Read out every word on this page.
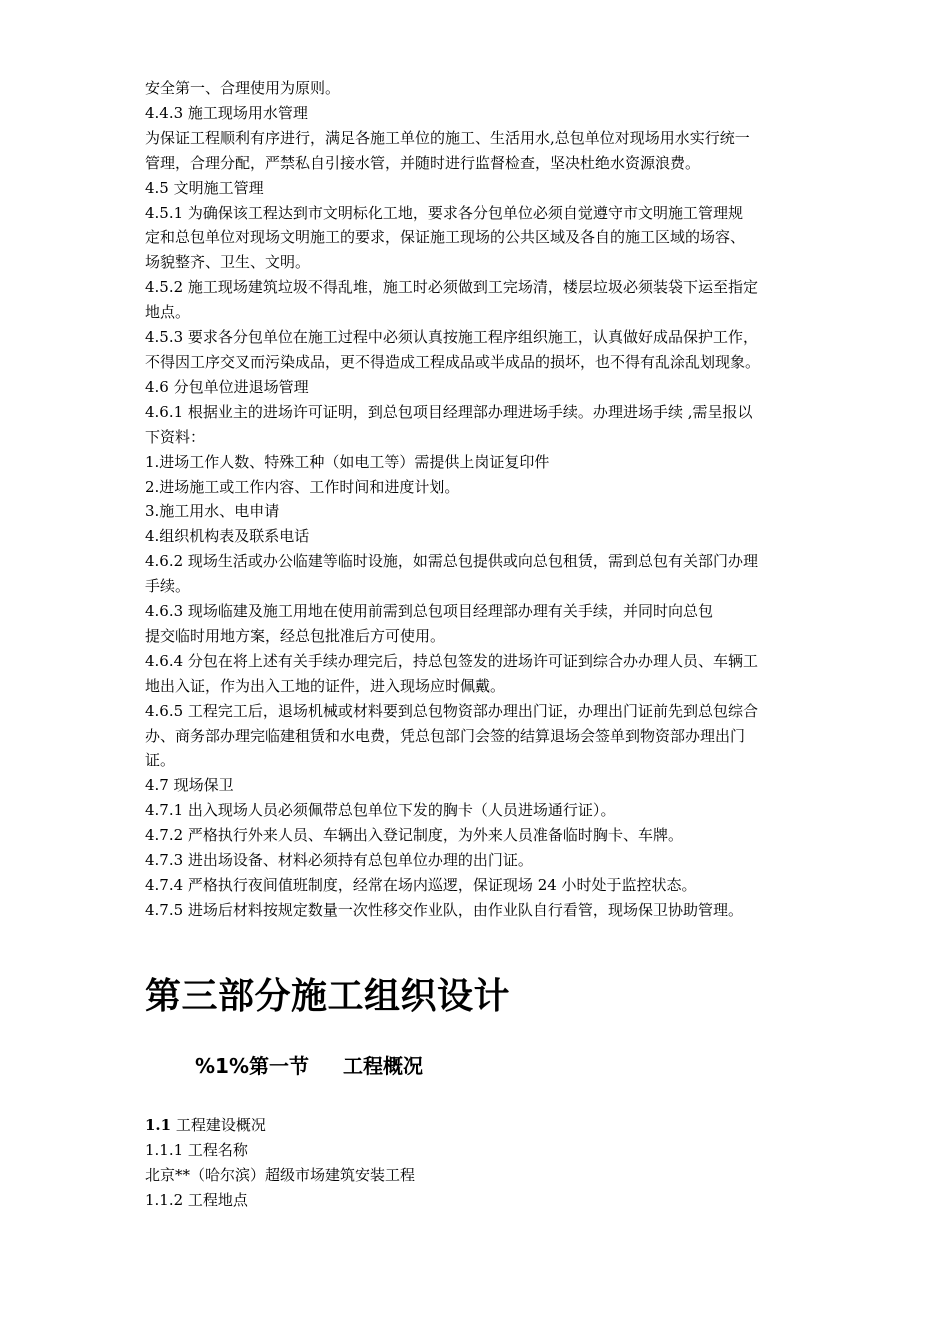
安全第一、合理使用为原则。

4.4.3 施工现场用水管理

为保证工程顺利有序进行，满足各施工单位的施工、生活用水,总包单位对现场用水实行统一

管理，合理分配，严禁私自引接水管，并随时进行监督检查，坚决杜绝水资源浪费。

4.5 文明施工管理

4.5.1 为确保该工程达到市文明标化工地，要求各分包单位必须自觉遵守市文明施工管理规

定和总包单位对现场文明施工的要求，保证施工现场的公共区域及各自的施工区域的场容、

场貌整齐、卫生、文明。

4.5.2 施工现场建筑垃圾不得乱堆，施工时必须做到工完场清，楼层垃圾必须装袋下运至指定

地点。

4.5.3 要求各分包单位在施工过程中必须认真按施工程序组织施工，认真做好成品保护工作，

不得因工序交叉而污染成品，更不得造成工程成品或半成品的损坏，也不得有乱涂乱划现象。

4.6 分包单位进退场管理

4.6.1 根据业主的进场许可证明，到总包项目经理部办理进场手续。办理进场手续 ,需呈报以

下资料：

1.进场工作人数、特殊工种（如电工等）需提供上岗证复印件

2.进场施工或工作内容、工作时间和进度计划。

3.施工用水、电申请

4.组织机构表及联系电话

4.6.2 现场生活或办公临建等临时设施，如需总包提供或向总包租赁，需到总包有关部门办理

手续。

4.6.3 现场临建及施工用地在使用前需到总包项目经理部办理有关手续，并同时向总包

提交临时用地方案，经总包批准后方可使用。

4.6.4 分包在将上述有关手续办理完后，持总包签发的进场许可证到综合办办理人员、车辆工

地出入证，作为出入工地的证件，进入现场应时佩戴。

4.6.5 工程完工后，退场机械或材料要到总包物资部办理出门证，办理出门证前先到总包综合

办、商务部办理完临建租赁和水电费，凭总包部门会签的结算退场会签单到物资部办理出门

证。

4.7 现场保卫

4.7.1 出入现场人员必须佩带总包单位下发的胸卡（人员进场通行证）。

4.7.2 严格执行外来人员、车辆出入登记制度，为外来人员准备临时胸卡、车牌。

4.7.3 进出场设备、材料必须持有总包单位办理的出门证。

4.7.4 严格执行夜间值班制度，经常在场内巡逻，保证现场 24 小时处于监控状态。

4.7.5 进场后材料按规定数量一次性移交作业队，由作业队自行看管，现场保卫协助管理。

第三部分施工组织设计
%1%第一节 工程概况

1.1 工程建设概况

1.1.1 工程名称

北京**（哈尔滨）超级市场建筑安装工程

1.1.2 工程地点
